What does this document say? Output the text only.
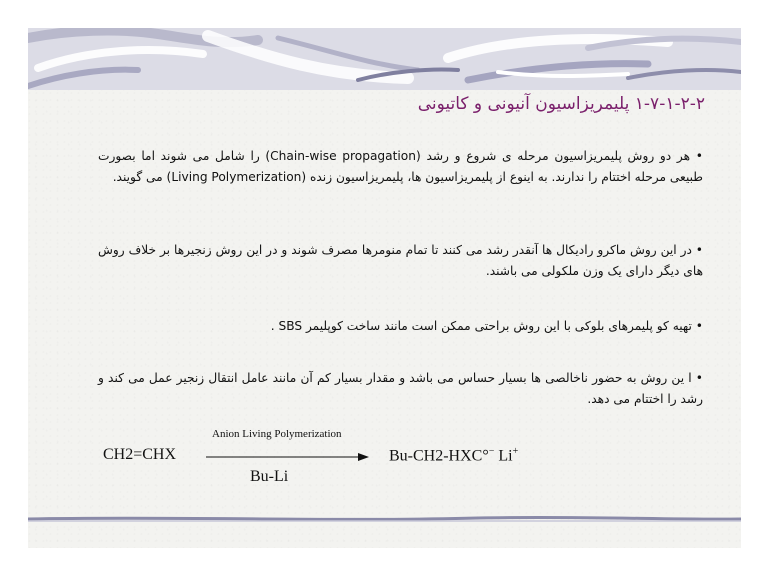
۱-۷-۱-۲-۲ پلیمریزاسیون آنیونی و کاتیونی
• هر دو روش پلیمریزاسیون مرحله ی شروع و رشد (Chain-wise propagation) را شامل می شوند اما بصورت طبیعی مرحله اختتام را ندارند. به اینوع از پلیمریزاسیون ها، پلیمریزاسیون زنده (Living Polymerization) می گویند.
• در این روش ماکرو رادیکال ها آنقدر رشد می کنند تا تمام منومرها مصرف شوند و در این روش زنجیرها بر خلاف روش های دیگر دارای یک وزن ملکولی می باشند.
• تهیه کو پلیمرهای بلوکی با این روش براحتی ممکن است مانند ساخت کوپلیمر SBS .
• ا ین روش به حضور ناخالصی ها بسیار حساس می باشد و مقدار بسیار کم آن مانند عامل انتقال زنجیر عمل می کند و رشد را اختتام می دهد.
CH2=CHX
Anion Living Polymerization
Bu-Li
Bu-CH2-HXC°− Li+
